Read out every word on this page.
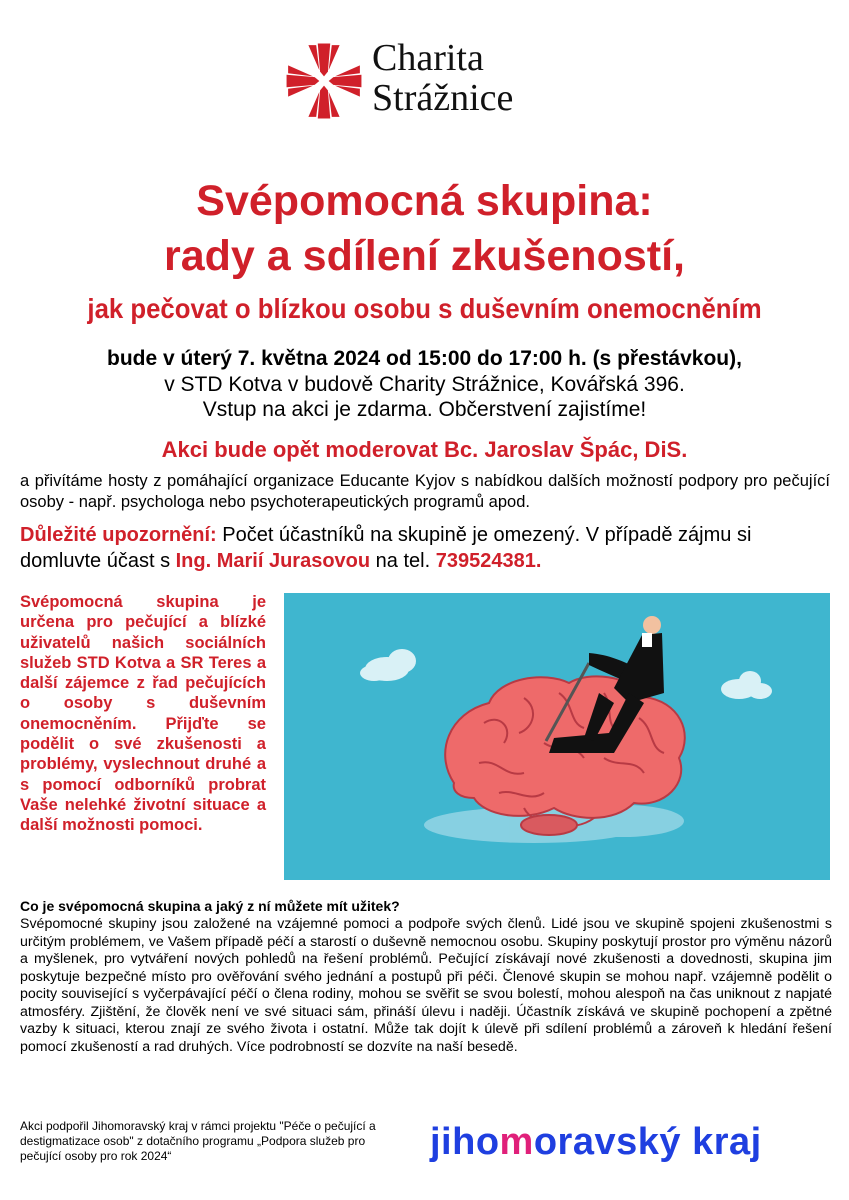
Charita
Strážnice
Svépomocná skupina:
rady a sdílení zkušeností,
jak pečovat o blízkou osobu s duševním onemocněním
bude v úterý 7. května 2024 od 15:00 do 17:00 h. (s přestávkou),
v STD Kotva v budově Charity Strážnice, Kovářská 396.
Vstup na akci je zdarma. Občerstvení zajistíme!
Akci bude opět moderovat Bc. Jaroslav Špác, DiS.
a přivítáme hosty z pomáhající organizace Educante Kyjov s nabídkou dalších možností podpory pro pečující osoby - např. psychologa nebo psychoterapeutických programů apod.
Důležité upozornění: Počet účastníků na skupině je omezený. V případě zájmu si domluvte účast s Ing. Marií Jurasovou na tel. 739524381.
Svépomocná skupina je určena pro pečující a blízké uživatelů našich sociálních služeb STD Kotva a SR Teres a další zájemce z řad pečujících o osoby s duševním onemocněním. Přijďte se podělit o své zkušenosti a problémy, vyslechnout druhé a s pomocí odborníků probrat Vaše nelehké životní situace a další možnosti pomoci.
Co je svépomocná skupina a jaký z ní můžete mít užitek?
Svépomocné skupiny jsou založené na vzájemné pomoci a podpoře svých členů. Lidé jsou ve skupině spojeni zkušenostmi s určitým problémem, ve Vašem případě péčí a starostí o duševně nemocnou osobu. Skupiny poskytují prostor pro výměnu názorů a myšlenek, pro vytváření nových pohledů na řešení problémů. Pečující získávají nové zkušenosti a dovednosti, skupina jim poskytuje bezpečné místo pro ověřování svého jednání a postupů při péči. Členové skupin se mohou např. vzájemně podělit o pocity související s vyčerpávající péčí o člena rodiny, mohou se svěřit se svou bolestí, mohou alespoň na čas uniknout z napjaté atmosféry. Zjištění, že člověk není ve své situaci sám, přináší úlevu i naději. Účastník získává ve skupině pochopení a zpětné vazby k situaci, kterou znají ze svého života i ostatní. Může tak dojít k úlevě při sdílení problémů a zároveň k hledání řešení pomocí zkušeností a rad druhých. Více podrobností se dozvíte na naší besedě.
Akci podpořil Jihomoravský kraj v rámci projektu "Péče o pečující a destigmatizace osob" z dotačního programu „Podpora služeb pro pečující osoby pro rok 2024“	jihomoravský kraj
